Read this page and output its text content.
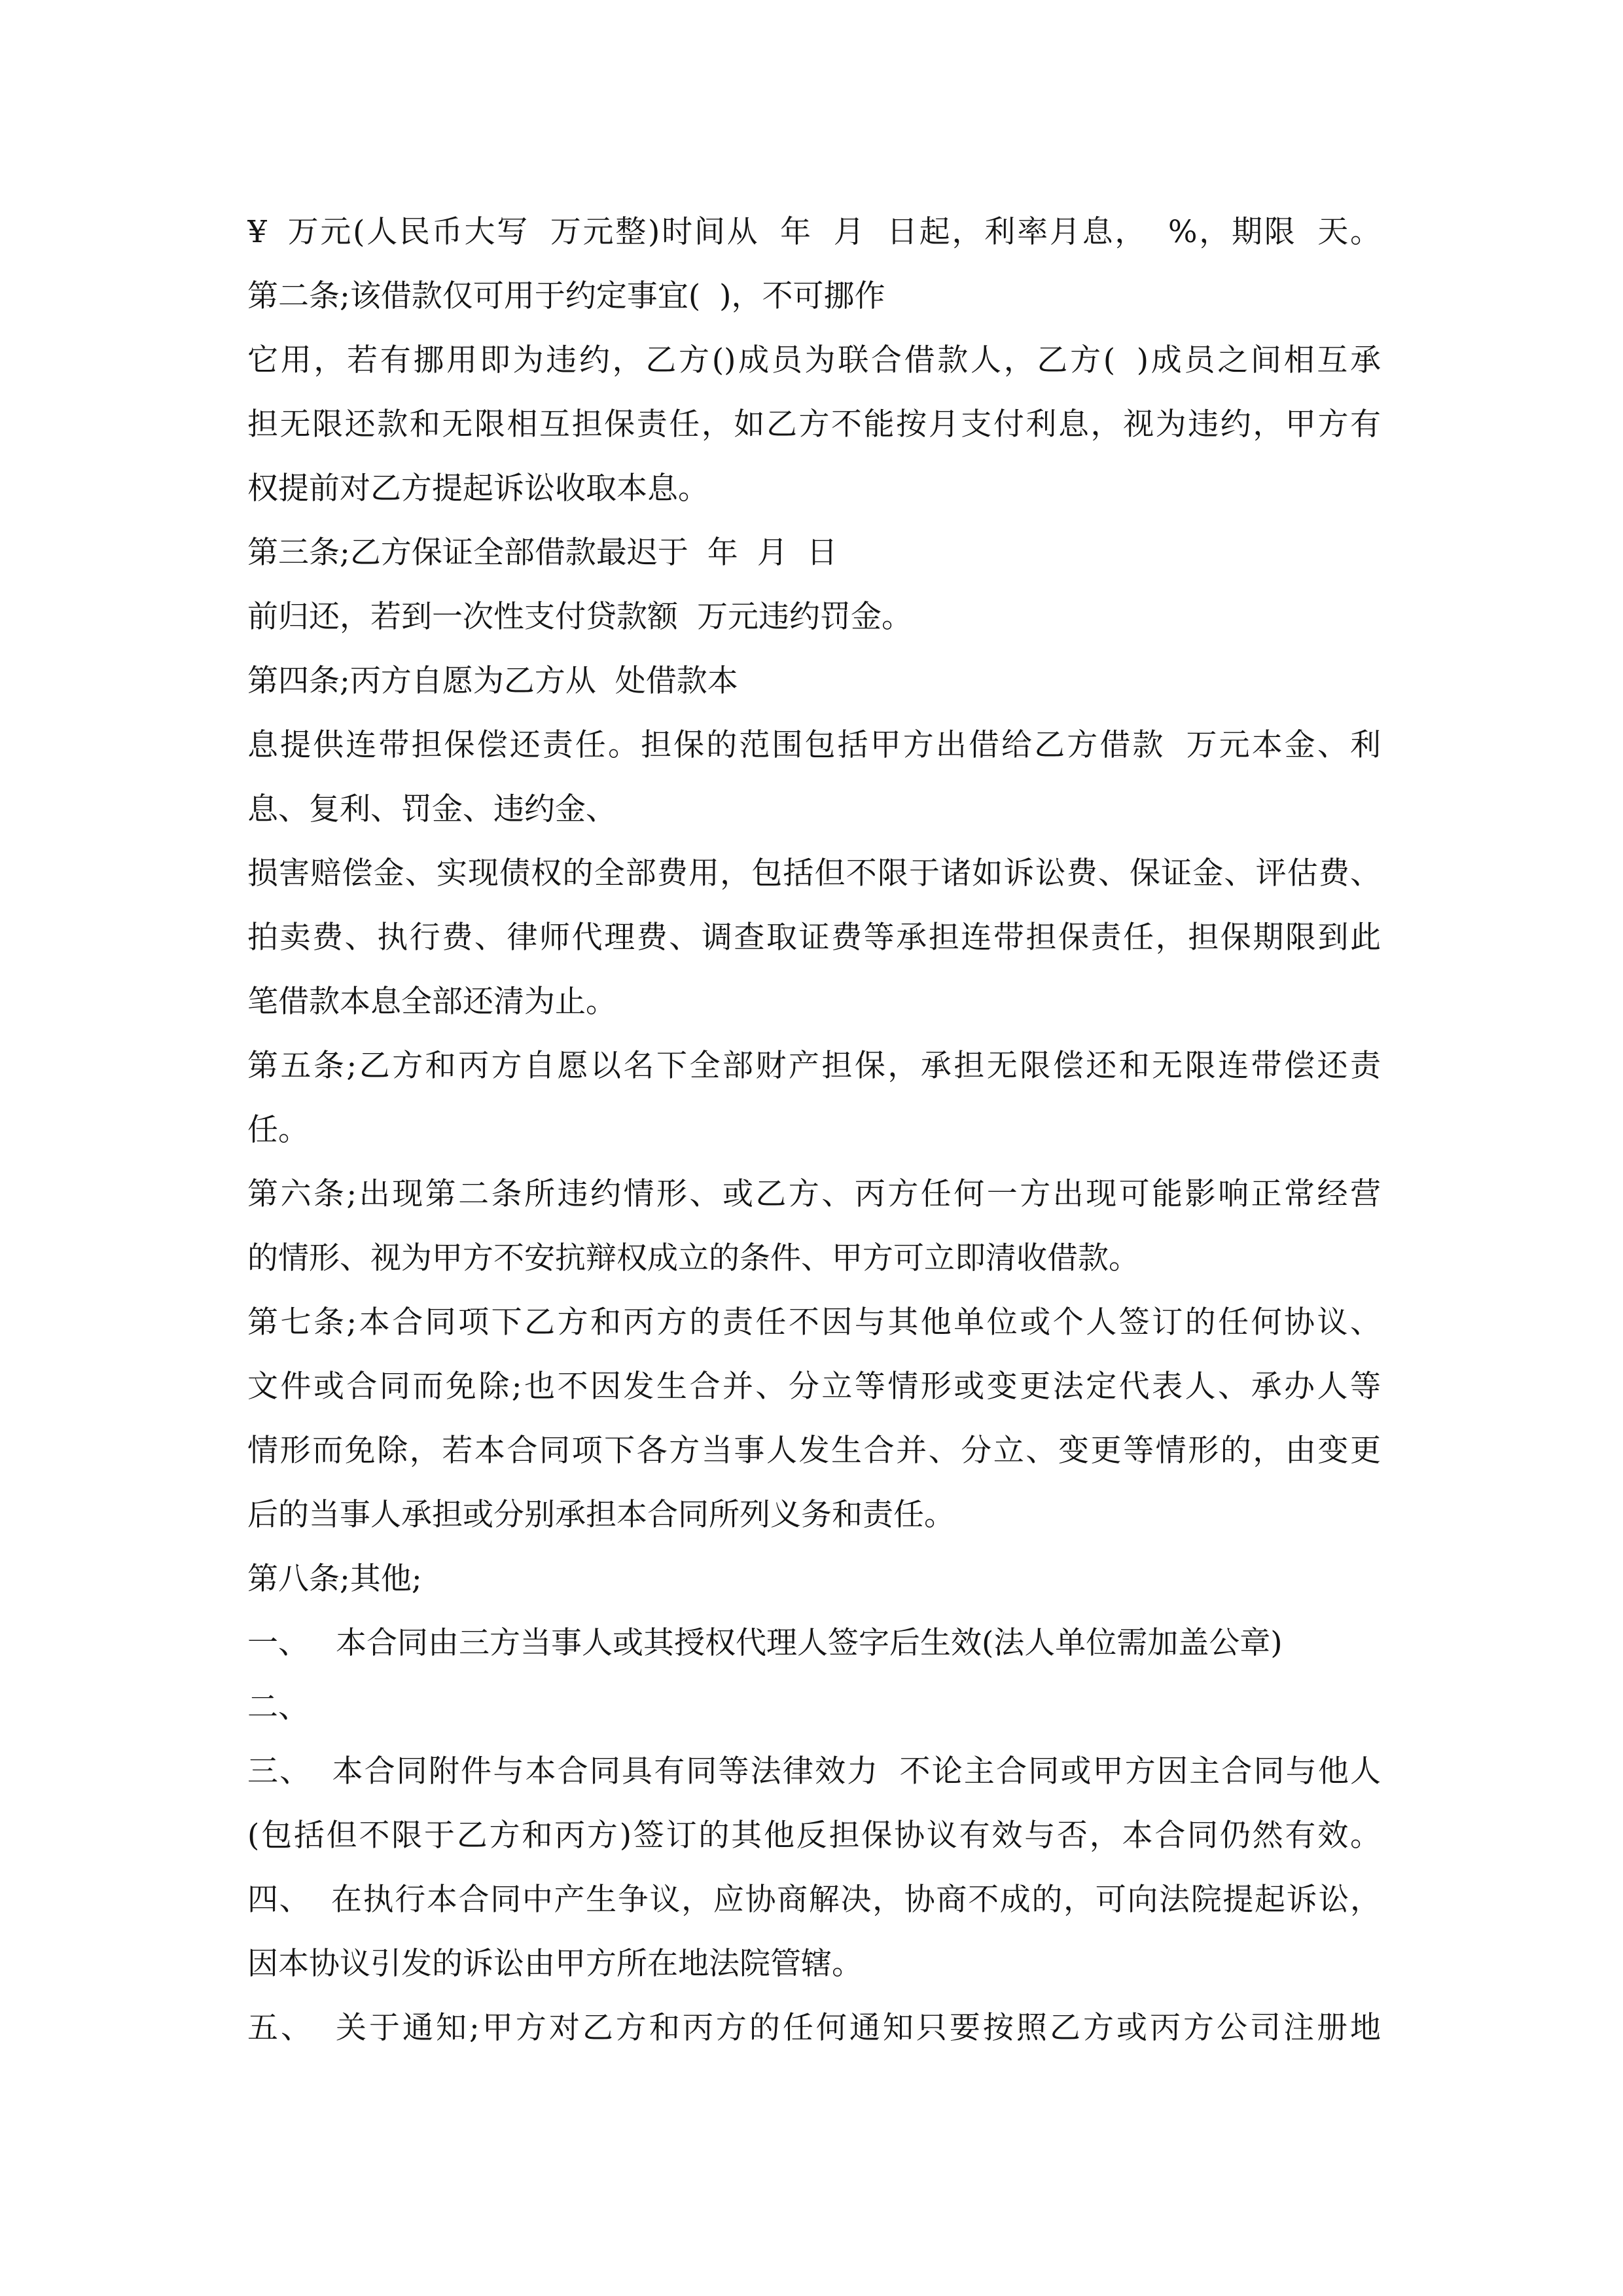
¥ 万元(人民币大写 万元整)时间从 年 月 日起，利率月息， %，期限 天。
第二条;该借款仅可用于约定事宜( )，不可挪作
它用，若有挪用即为违约，乙方()成员为联合借款人，乙方( )成员之间相互承
担无限还款和无限相互担保责任，如乙方不能按月支付利息，视为违约，甲方有
权提前对乙方提起诉讼收取本息。
第三条;乙方保证全部借款最迟于 年 月 日
前归还，若到一次性支付贷款额 万元违约罚金。
第四条;丙方自愿为乙方从 处借款本
息提供连带担保偿还责任。担保的范围包括甲方出借给乙方借款 万元本金、利
息、复利、罚金、违约金、
损害赔偿金、实现债权的全部费用，包括但不限于诸如诉讼费、保证金、评估费、
拍卖费、执行费、律师代理费、调查取证费等承担连带担保责任，担保期限到此
笔借款本息全部还清为止。
第五条;乙方和丙方自愿以名下全部财产担保，承担无限偿还和无限连带偿还责
任。
第六条;出现第二条所违约情形、或乙方、丙方任何一方出现可能影响正常经营
的情形、视为甲方不安抗辩权成立的条件、甲方可立即清收借款。
第七条;本合同项下乙方和丙方的责任不因与其他单位或个人签订的任何协议、
文件或合同而免除;也不因发生合并、分立等情形或变更法定代表人、承办人等
情形而免除，若本合同项下各方当事人发生合并、分立、变更等情形的，由变更
后的当事人承担或分别承担本合同所列义务和责任。
第八条;其他;
一、 本合同由三方当事人或其授权代理人签字后生效(法人单位需加盖公章)
二、
三、 本合同附件与本合同具有同等法律效力 不论主合同或甲方因主合同与他人
(包括但不限于乙方和丙方)签订的其他反担保协议有效与否，本合同仍然有效。
四、 在执行本合同中产生争议，应协商解决，协商不成的，可向法院提起诉讼，
因本协议引发的诉讼由甲方所在地法院管辖。
五、 关于通知;甲方对乙方和丙方的任何通知只要按照乙方或丙方公司注册地
